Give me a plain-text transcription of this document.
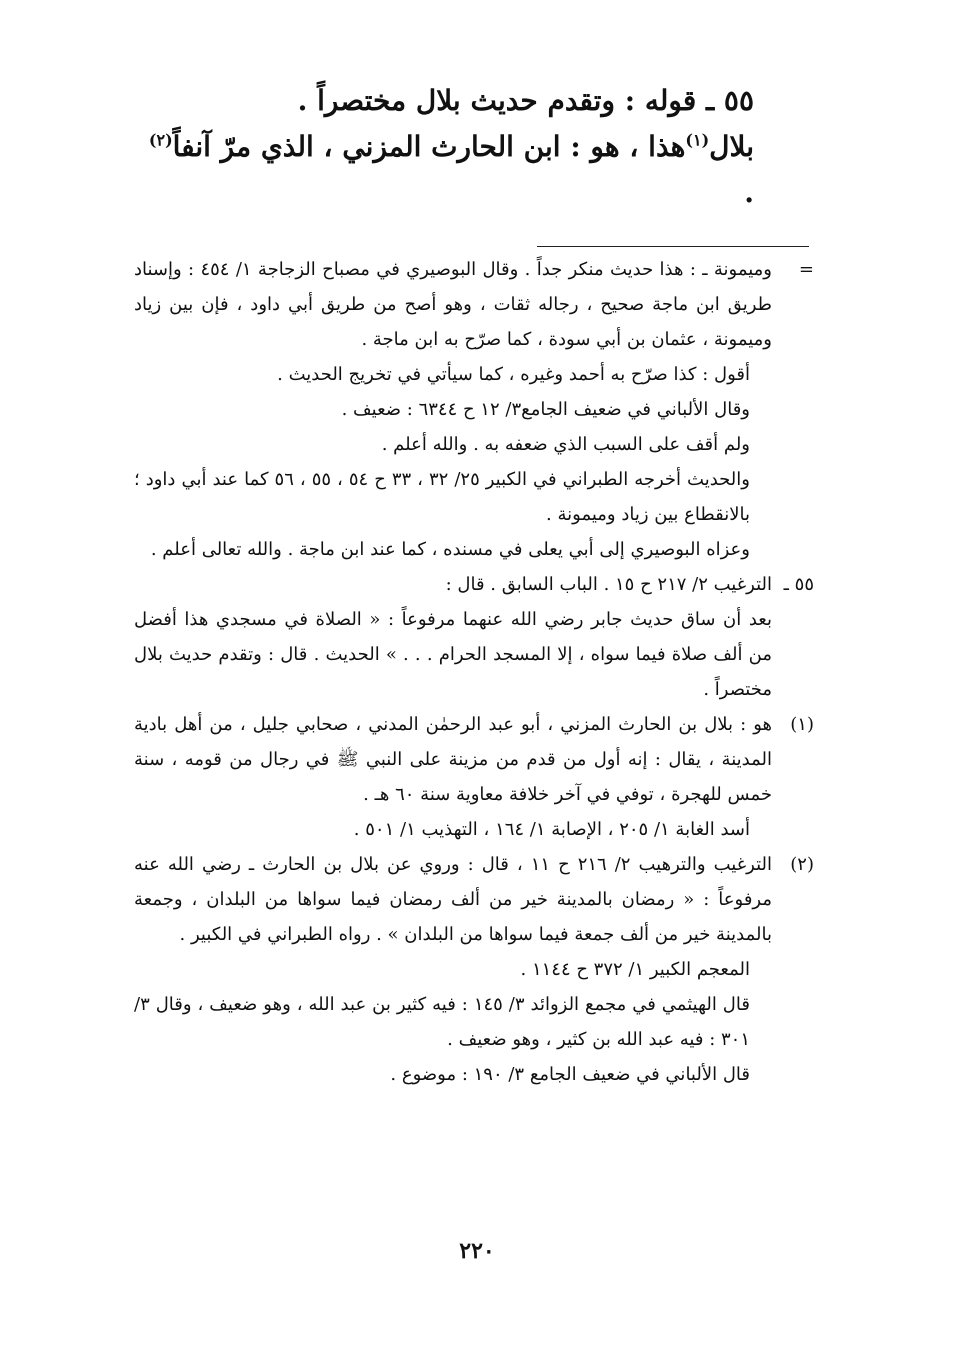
٥٥ ـ قوله : وتقدم حديث بلال مختصراً .

بلال$^{(١)}$هذا ، هو : ابن الحارث المزني ، الذي مرّ آنفاً$^{(٢)}$ .

=

وميمونة ـ : هذا حديث منكر جداً . وقال البوصيري في مصباح الزجاجة ١/ ٤٥٤ : وإسناد طريق ابن ماجة صحيح ، رجاله ثقات ، وهو أصح من طريق أبي داود ، فإن بين زياد وميمونة ، عثمان بن أبي سودة ، كما صرّح به ابن ماجة .

أقول : كذا صرّح به أحمد وغيره ، كما سيأتي في تخريج الحديث .

وقال الألباني في ضعيف الجامع٣/ ١٢ ح ٦٣٤٤ : ضعيف .

ولم أقف على السبب الذي ضعفه به . والله أعلم .

والحديث أخرجه الطبراني في الكبير ٢٥/ ٣٢ ، ٣٣ ح ٥٤ ، ٥٥ ، ٥٦ كما عند أبي داود ؛ بالانقطاع بين زياد وميمونة .

وعزاه البوصيري إلى أبي يعلى في مسنده ، كما عند ابن ماجة . والله تعالى أعلم .

٥٥ ـ

الترغيب ٢/ ٢١٧ ح ١٥ . الباب السابق . قال :

بعد أن ساق حديث جابر رضي الله عنهما مرفوعاً : « الصلاة في مسجدي هذا أفضل من ألف صلاة فيما سواه ، إلا المسجد الحرام . . . » الحديث . قال : وتقدم حديث بلال مختصراً .

(١)

هو : بلال بن الحارث المزني ، أبو عبد الرحمٰن المدني ، صحابي جليل ، من أهل بادية المدينة ، يقال : إنه أول من قدم من مزينة على النبي ﷺ في رجال من قومه ، سنة خمس للهجرة ، توفي في آخر خلافة معاوية سنة ٦٠ هـ .

أسد الغابة ١/ ٢٠٥ ، الإصابة ١/ ١٦٤ ، التهذيب ١/ ٥٠١ .

(٢)

الترغيب والترهيب ٢/ ٢١٦ ح ١١ ، قال : وروي عن بلال بن الحارث ـ رضي الله عنه مرفوعاً : « رمضان بالمدينة خير من ألف رمضان فيما سواها من البلدان ، وجمعة بالمدينة خير من ألف جمعة فيما سواها من البلدان » . رواه الطبراني في الكبير .

المعجم الكبير ١/ ٣٧٢ ح ١١٤٤ .

قال الهيثمي في مجمع الزوائد ٣/ ١٤٥ : فيه كثير بن عبد الله ، وهو ضعيف ، وقال ٣/ ٣٠١ : فيه عبد الله بن كثير ، وهو ضعيف .

قال الألباني في ضعيف الجامع ٣/ ١٩٠ : موضوع .

٢٢٠
